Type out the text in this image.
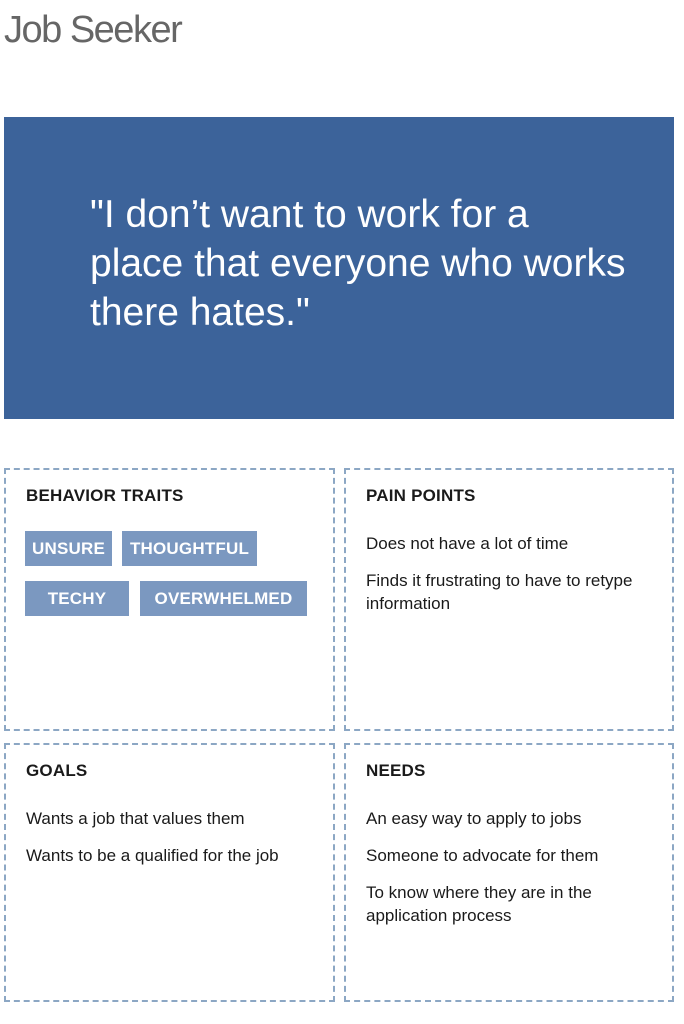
Job Seeker

"I don’t want to work for a place that everyone who works there hates."

BEHAVIOR TRAITS
UNSURE	THOUGHTFUL
TECHY	OVERWHELMED
PAIN POINTS
Does not have a lot of time
Finds it frustrating to have to retype information
GOALS
Wants a job that values them
Wants to be a qualified for the job
NEEDS
An easy way to apply to jobs
Someone to advocate for them
To know where they are in the application process
